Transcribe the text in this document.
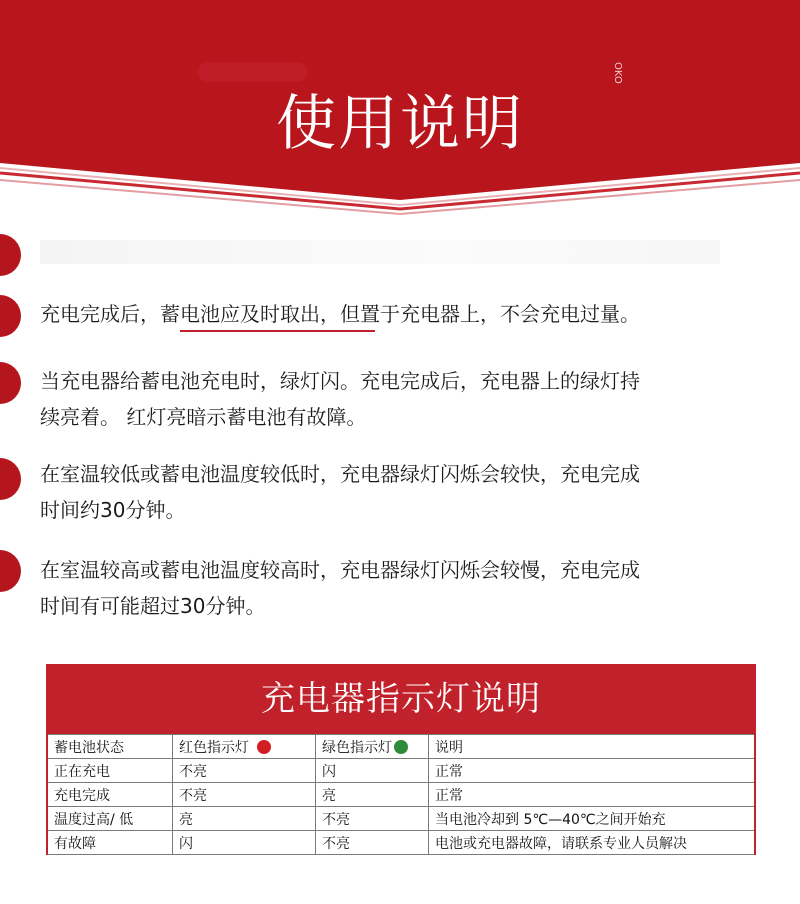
OKO
使用说明
充电完成后，蓄电池应及时取出，但置于充电器上，不会充电过量。
当充电器给蓄电池充电时，绿灯闪。充电完成后，充电器上的绿灯持
续亮着。 红灯亮暗示蓄电池有故障。
在室温较低或蓄电池温度较低时，充电器绿灯闪烁会较快，充电完成
时间约30分钟。
在室温较高或蓄电池温度较高时，充电器绿灯闪烁会较慢，充电完成
时间有可能超过30分钟。
充电器指示灯说明
蓄电池状态	红色指示灯	绿色指示灯	说明
正在充电	不亮	闪	正常
充电完成	不亮	亮	正常
温度过高/ 低	亮	不亮	当电池冷却到 5℃—40℃之间开始充
有故障	闪	不亮	电池或充电器故障，请联系专业人员解决
